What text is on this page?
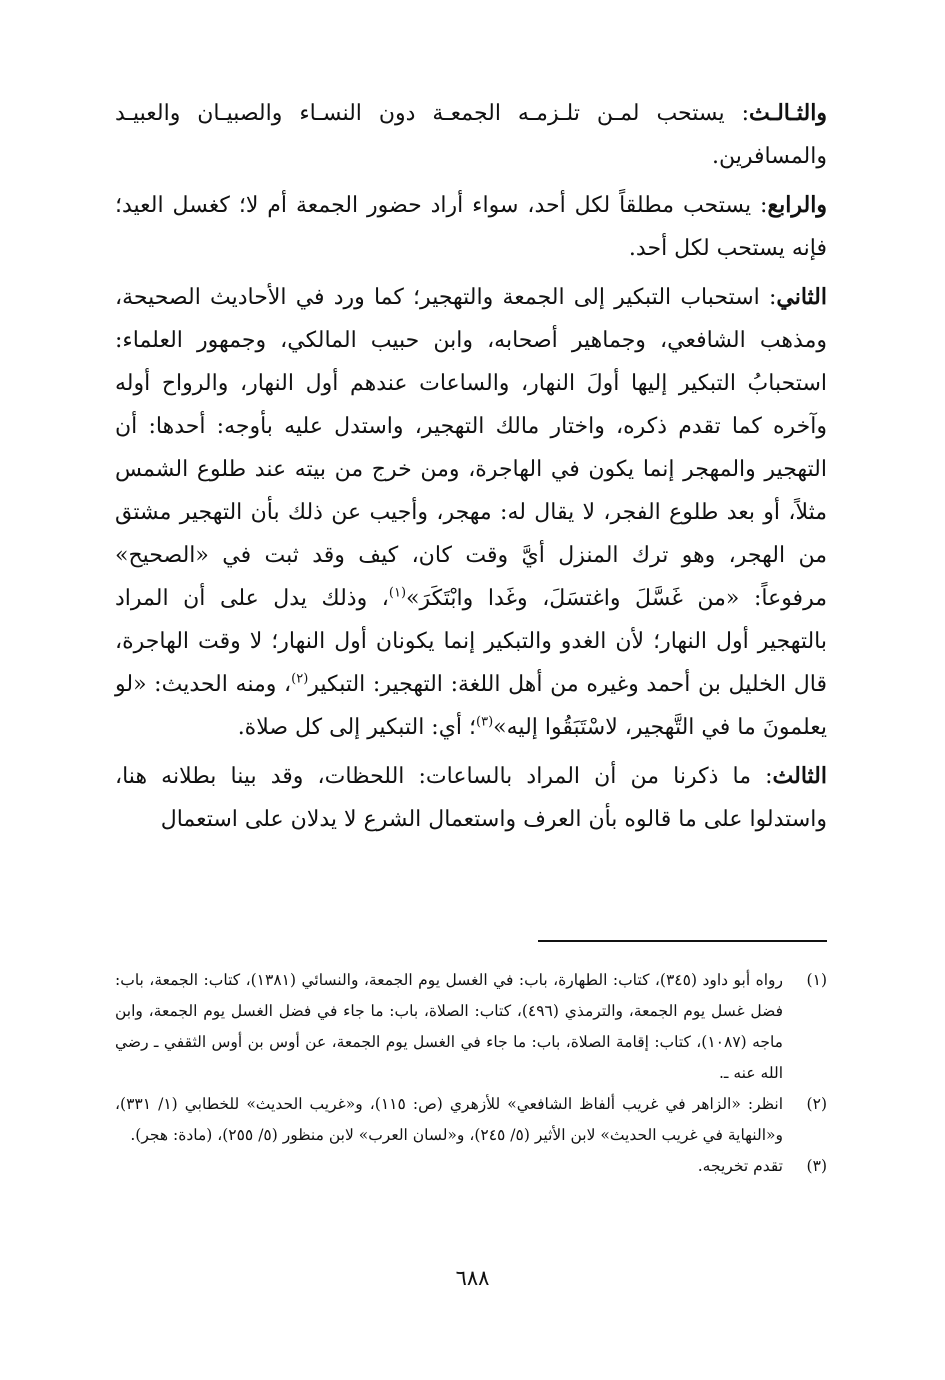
والثـالـث: يستحب لمـن تلـزمـه الجمعـة دون النسـاء والصبيـان والعبيـد والمسافرين.

والرابع: يستحب مطلقاً لكل أحد، سواء أراد حضور الجمعة أم لا؛ كغسل العيد؛ فإنه يستحب لكل أحد.

الثاني: استحباب التبكير إلى الجمعة والتهجير؛ كما ورد في الأحاديث الصحيحة، ومذهب الشافعي، وجماهير أصحابه، وابن حبيب المالكي، وجمهور العلماء: استحبابُ التبكير إليها أولَ النهار، والساعات عندهم أول النهار، والرواح أوله وآخره كما تقدم ذكره، واختار مالك التهجير، واستدل عليه بأوجه: أحدها: أن التهجير والمهجر إنما يكون في الهاجرة، ومن خرج من بيته عند طلوع الشمس مثلاً، أو بعد طلوع الفجر، لا يقال له: مهجر، وأجيب عن ذلك بأن التهجير مشتق من الهجر، وهو ترك المنزل أيَّ وقت كان، كيف وقد ثبت في «الصحيح» مرفوعاً: «من غَسَّلَ واغتسَلَ، وغَدا وابْتَكَرَ»$^{(١)}$، وذلك يدل على أن المراد بالتهجير أول النهار؛ لأن الغدو والتبكير إنما يكونان أول النهار؛ لا وقت الهاجرة، قال الخليل بن أحمد وغيره من أهل اللغة: التهجير: التبكير$^{(٢)}$، ومنه الحديث: «لو يعلمونَ ما في التَّهجير، لاسْتَبَقُوا إليه»$^{(٣)}$؛ أي: التبكير إلى كل صلاة.

الثالث: ما ذكرنا من أن المراد بالساعات: اللحظات، وقد بينا بطلانه هنا، واستدلوا على ما قالوه بأن العرف واستعمال الشرع لا يدلان على استعمال

(١)
رواه أبو داود (٣٤٥)، كتاب: الطهارة، باب: في الغسل يوم الجمعة، والنسائي (١٣٨١)، كتاب: الجمعة، باب: فضل غسل يوم الجمعة، والترمذي (٤٩٦)، كتاب: الصلاة، باب: ما جاء في فضل الغسل يوم الجمعة، وابن ماجه (١٠٨٧)، كتاب: إقامة الصلاة، باب: ما جاء في الغسل يوم الجمعة، عن أوس بن أوس الثقفي ـ رضي الله عنه ـ.
(٢)
انظر: «الزاهر في غريب ألفاظ الشافعي» للأزهري (ص: ١١٥)، و«غريب الحديث» للخطابي (١/ ٣٣١)، و«النهاية في غريب الحديث» لابن الأثير (٥/ ٢٤٥)، و«لسان العرب» لابن منظور (٥/ ٢٥٥)، (مادة: هجر).
(٣)
تقدم تخريجه.
٦٨٨
